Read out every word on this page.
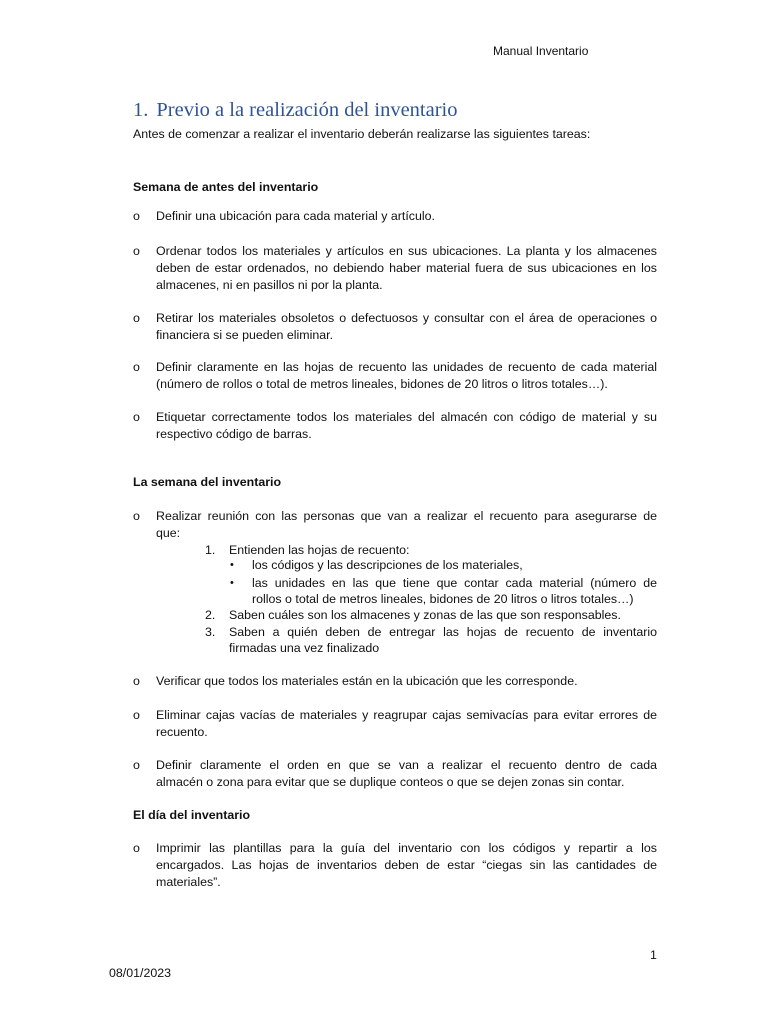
Manual Inventario
1. Previo a la realización del inventario
Antes de comenzar a realizar el inventario deberán realizarse las siguientes tareas:
Semana de antes del inventario
o Definir una ubicación para cada material y artículo.
o Ordenar todos los materiales y artículos en sus ubicaciones. La planta y los almacenes
deben de estar ordenados, no debiendo haber material fuera de sus ubicaciones en los
almacenes, ni en pasillos ni por la planta.
o Retirar los materiales obsoletos o defectuosos y consultar con el área de operaciones o
financiera si se pueden eliminar.
o Definir claramente en las hojas de recuento las unidades de recuento de cada material
(número de rollos o total de metros lineales, bidones de 20 litros o litros totales…).
o Etiquetar correctamente todos los materiales del almacén con código de material y su
respectivo código de barras.
La semana del inventario
o Realizar reunión con las personas que van a realizar el recuento para asegurarse de
que:
1. Entienden las hojas de recuento:
• los códigos y las descripciones de los materiales,
• las unidades en las que tiene que contar cada material (número de
rollos o total de metros lineales, bidones de 20 litros o litros totales…)
2. Saben cuáles son los almacenes y zonas de las que son responsables.
3. Saben a quién deben de entregar las hojas de recuento de inventario
firmadas una vez finalizado
o Verificar que todos los materiales están en la ubicación que les corresponde.
o Eliminar cajas vacías de materiales y reagrupar cajas semivacías para evitar errores de
recuento.
o Definir claramente el orden en que se van a realizar el recuento dentro de cada
almacén o zona para evitar que se duplique conteos o que se dejen zonas sin contar.
El día del inventario
o Imprimir las plantillas para la guía del inventario con los códigos y repartir a los
encargados. Las hojas de inventarios deben de estar “ciegas sin las cantidades de
materiales”.
1
08/01/2023
